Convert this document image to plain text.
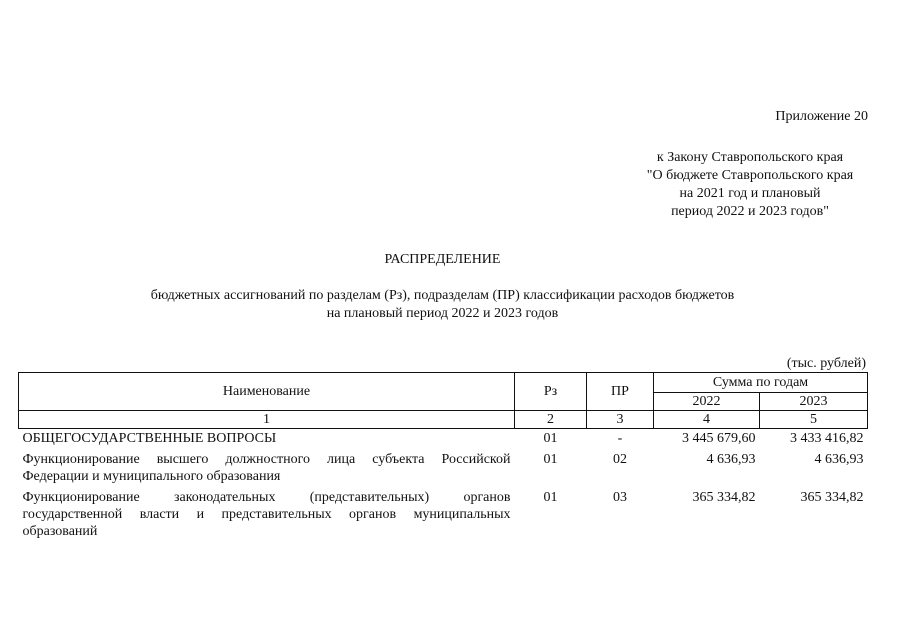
Приложение 20
к Закону Ставропольского края
"О бюджете Ставропольского края
на 2021 год и плановый
период 2022 и 2023 годов"
РАСПРЕДЕЛЕНИЕ
бюджетных ассигнований по разделам (Рз), подразделам (ПР) классификации расходов бюджетов
на плановый период 2022 и 2023 годов
(тыс. рублей)
Наименование	Рз	ПР	Сумма по годам	
			2022	2023
1	2	3	4	5
ОБЩЕГОСУДАРСТВЕННЫЕ ВОПРОСЫ	01	-	3 445 679,60	3 433 416,82
Функционирование высшего должностного лица субъекта Российской Федерации и муниципального образования	01	02	4 636,93	4 636,93
Функционирование законодательных (представительных) органов государственной власти и представительных органов муниципальных образований	01	03	365 334,82	365 334,82
